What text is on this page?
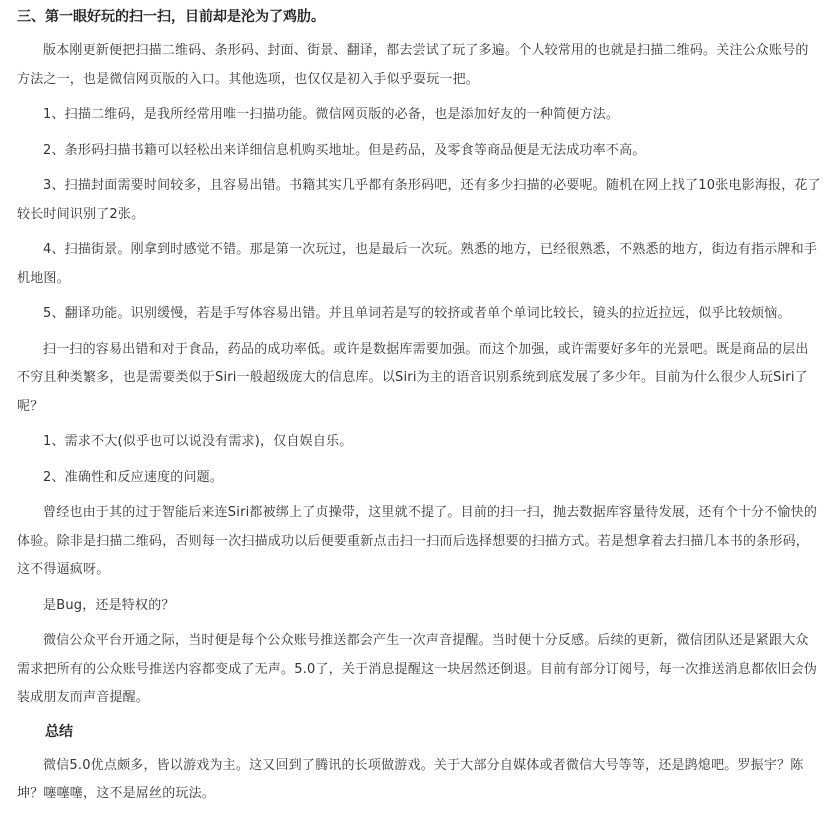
三、第一眼好玩的扫一扫，目前却是沦为了鸡肋。

版本刚更新便把扫描二维码、条形码、封面、街景、翻译，都去尝试了玩了多遍。个人较常用的也就是扫描二维码。关注公众账号的方法之一，也是微信网页版的入口。其他选项，也仅仅是初入手似乎耍玩一把。

1、扫描二维码，是我所经常用唯一扫描功能。微信网页版的必备，也是添加好友的一种简便方法。

2、条形码扫描书籍可以轻松出来详细信息机购买地址。但是药品，及零食等商品便是无法成功率不高。

3、扫描封面需要时间较多，且容易出错。书籍其实几乎都有条形码吧，还有多少扫描的必要呢。随机在网上找了10张电影海报，花了较长时间识别了2张。

4、扫描街景。刚拿到时感觉不错。那是第一次玩过，也是最后一次玩。熟悉的地方，已经很熟悉，不熟悉的地方，街边有指示牌和手机地图。

5、翻译功能。识别缓慢，若是手写体容易出错。并且单词若是写的较挤或者单个单词比较长，镜头的拉近拉远，似乎比较烦恼。

扫一扫的容易出错和对于食品，药品的成功率低。或许是数据库需要加强。而这个加强，或许需要好多年的光景吧。既是商品的层出不穷且种类繁多，也是需要类似于Siri一般超级庞大的信息库。以Siri为主的语音识别系统到底发展了多少年。目前为什么很少人玩Siri了呢？

1、需求不大(似乎也可以说没有需求)，仅自娱自乐。

2、准确性和反应速度的问题。

曾经也由于其的过于智能后来连Siri都被绑上了贞操带，这里就不提了。目前的扫一扫，抛去数据库容量待发展，还有个十分不愉快的体验。除非是扫描二维码，否则每一次扫描成功以后便要重新点击扫一扫而后选择想要的扫描方式。若是想拿着去扫描几本书的条形码，这不得逼疯呀。

是Bug，还是特权的？

微信公众平台开通之际，当时便是每个公众账号推送都会产生一次声音提醒。当时便十分反感。后续的更新，微信团队还是紧跟大众需求把所有的公众账号推送内容都变成了无声。5.0了，关于消息提醒这一块居然还倒退。目前有部分订阅号，每一次推送消息都依旧会伪装成朋友而声音提醒。

总结

微信5.0优点颇多，皆以游戏为主。这又回到了腾讯的长项做游戏。关于大部分自媒体或者微信大号等等，还是鹍熄吧。罗振宇？陈坤？噻噻噻，这不是屌丝的玩法。
